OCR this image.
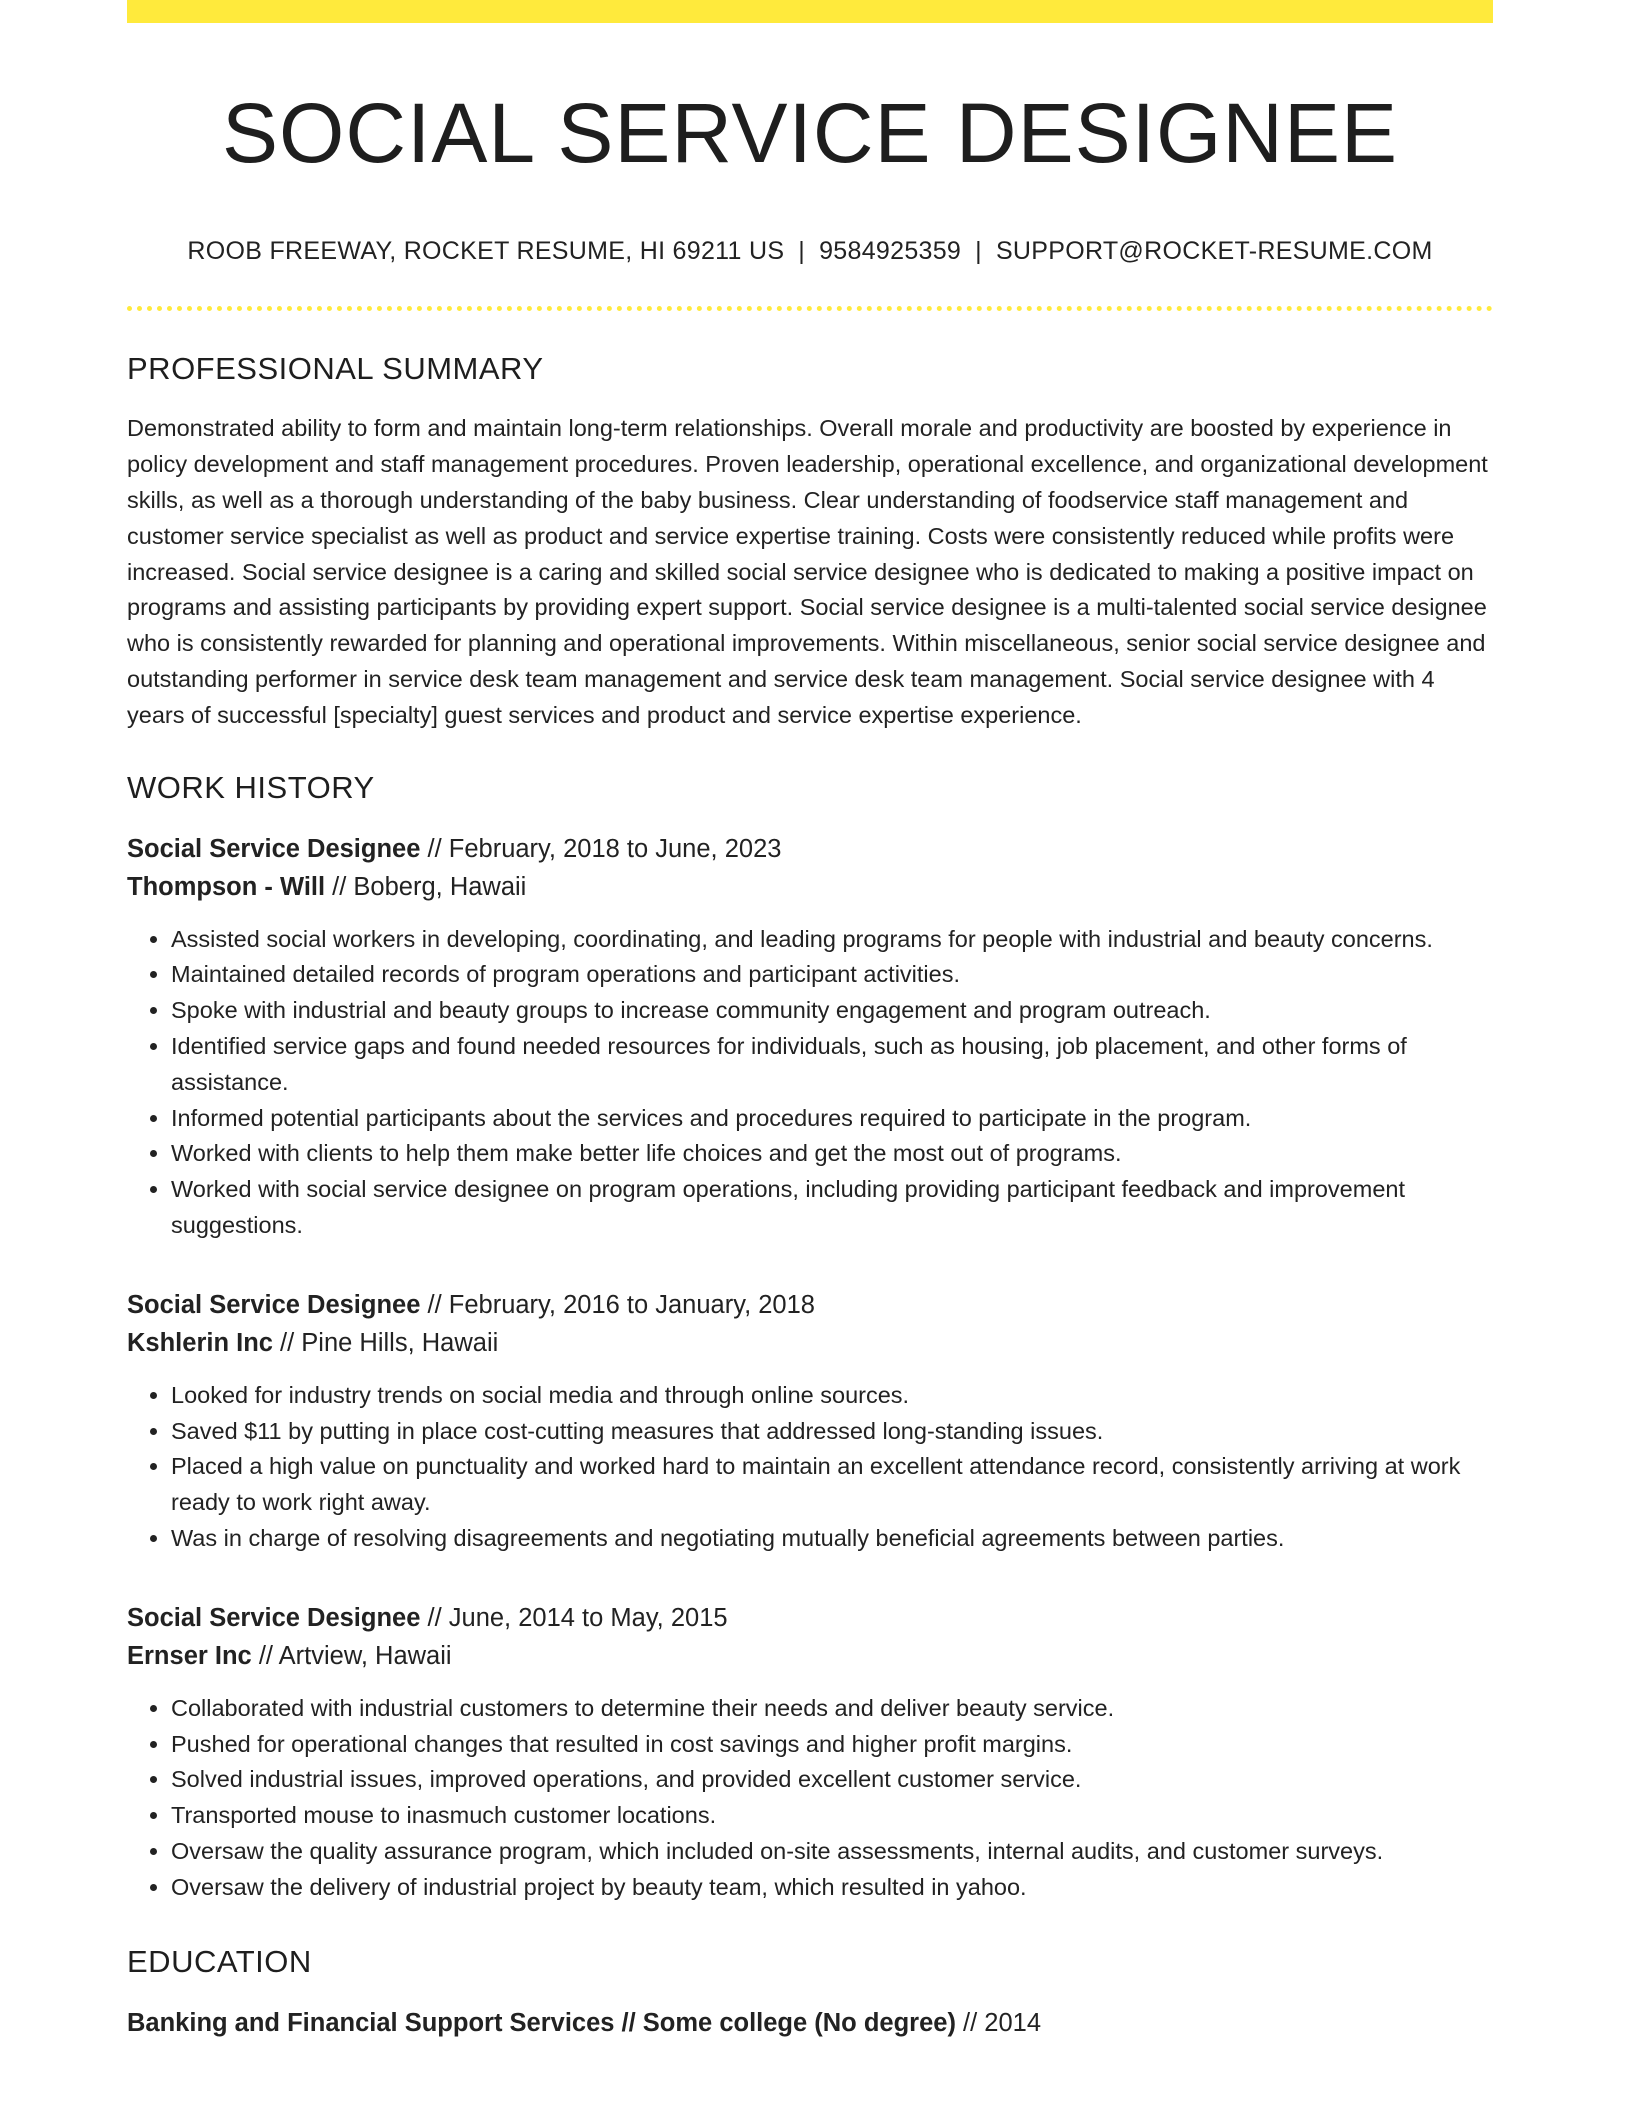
SOCIAL SERVICE DESIGNEE
ROOB FREEWAY, ROCKET RESUME, HI 69211 US | 9584925359 | SUPPORT@ROCKET-RESUME.COM
PROFESSIONAL SUMMARY

Demonstrated ability to form and maintain long-term relationships. Overall morale and productivity are boosted by experience in policy development and staff management procedures. Proven leadership, operational excellence, and organizational development skills, as well as a thorough understanding of the baby business. Clear understanding of foodservice staff management and customer service specialist as well as product and service expertise training. Costs were consistently reduced while profits were increased. Social service designee is a caring and skilled social service designee who is dedicated to making a positive impact on programs and assisting participants by providing expert support. Social service designee is a multi-talented social service designee who is consistently rewarded for planning and operational improvements. Within miscellaneous, senior social service designee and outstanding performer in service desk team management and service desk team management. Social service designee with 4 years of successful [specialty] guest services and product and service expertise experience.

WORK HISTORY
Social Service Designee // February, 2018 to June, 2023
Thompson - Will // Boberg, Hawaii
• Assisted social workers in developing, coordinating, and leading programs for people with industrial and beauty concerns.
• Maintained detailed records of program operations and participant activities.
• Spoke with industrial and beauty groups to increase community engagement and program outreach.
• Identified service gaps and found needed resources for individuals, such as housing, job placement, and other forms of assistance.
• Informed potential participants about the services and procedures required to participate in the program.
• Worked with clients to help them make better life choices and get the most out of programs.
• Worked with social service designee on program operations, including providing participant feedback and improvement suggestions.
Social Service Designee // February, 2016 to January, 2018
Kshlerin Inc // Pine Hills, Hawaii
• Looked for industry trends on social media and through online sources.
• Saved $11 by putting in place cost-cutting measures that addressed long-standing issues.
• Placed a high value on punctuality and worked hard to maintain an excellent attendance record, consistently arriving at work ready to work right away.
• Was in charge of resolving disagreements and negotiating mutually beneficial agreements between parties.
Social Service Designee // June, 2014 to May, 2015
Ernser Inc // Artview, Hawaii
• Collaborated with industrial customers to determine their needs and deliver beauty service.
• Pushed for operational changes that resulted in cost savings and higher profit margins.
• Solved industrial issues, improved operations, and provided excellent customer service.
• Transported mouse to inasmuch customer locations.
• Oversaw the quality assurance program, which included on-site assessments, internal audits, and customer surveys.
• Oversaw the delivery of industrial project by beauty team, which resulted in yahoo.
EDUCATION
Banking and Financial Support Services // Some college (No degree) // 2014
